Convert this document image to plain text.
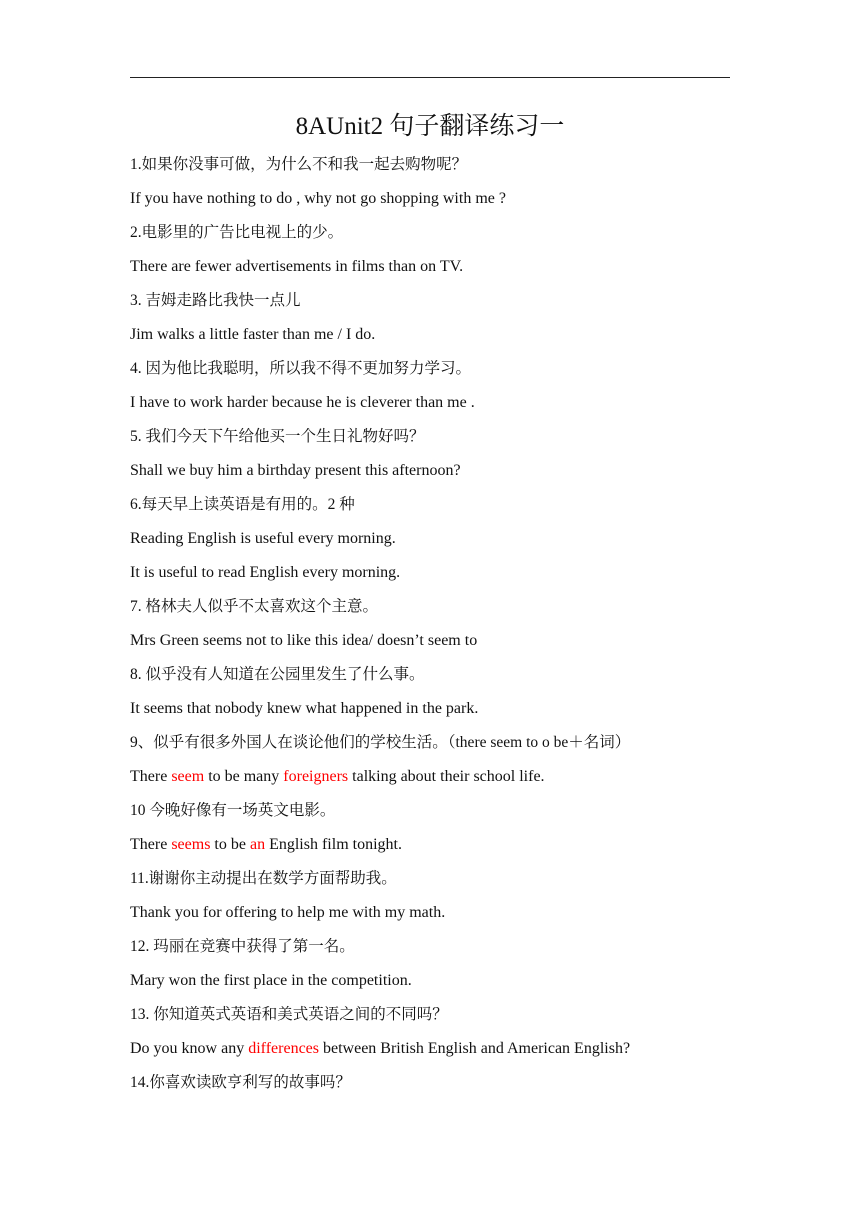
8AUnit2 句子翻译练习一
1.如果你没事可做，为什么不和我一起去购物呢？
If you have nothing to do , why not go shopping with me ?
2.电影里的广告比电视上的少。
There are fewer advertisements in films than on TV.
3. 吉姆走路比我快一点儿
Jim walks a little faster than me / I do.
4. 因为他比我聪明，所以我不得不更加努力学习。
I have to work harder because he is cleverer than me .
5. 我们今天下午给他买一个生日礼物好吗？
Shall we buy him a birthday present this afternoon?
6.每天早上读英语是有用的。2 种
Reading English is useful every morning.
It is useful to read English every morning.
7. 格林夫人似乎不太喜欢这个主意。
Mrs Green seems not to like this idea/ doesn’t seem to
8. 似乎没有人知道在公园里发生了什么事。
It seems that nobody knew what happened in the park.
9、似乎有很多外国人在谈论他们的学校生活。（there seem to o be＋名词）
There seem to be many foreigners talking about their school life.
10 今晚好像有一场英文电影。
There seems to be an English film tonight.
11.谢谢你主动提出在数学方面帮助我。
Thank you for offering to help me with my math.
12. 玛丽在竞赛中获得了第一名。
Mary won the first place in the competition.
13. 你知道英式英语和美式英语之间的不同吗？
Do you know any differences between British English and American English?
14.你喜欢读欧亨利写的故事吗？
